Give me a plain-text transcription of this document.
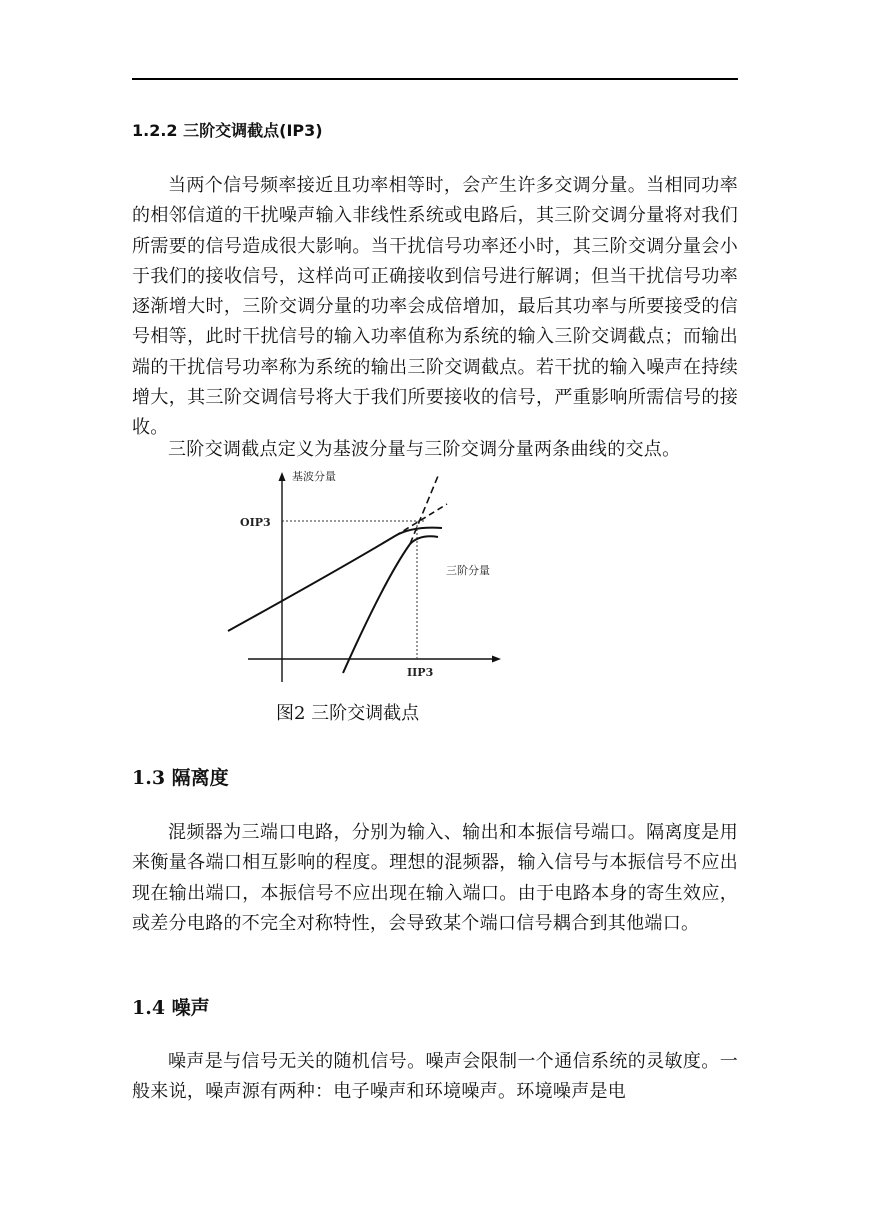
1.2.2 三阶交调截点(IP3)
当两个信号频率接近且功率相等时，会产生许多交调分量。当相同功率的相邻信道的干扰噪声输入非线性系统或电路后，其三阶交调分量将对我们所需要的信号造成很大影响。当干扰信号功率还小时，其三阶交调分量会小于我们的接收信号，这样尚可正确接收到信号进行解调；但当干扰信号功率逐渐增大时，三阶交调分量的功率会成倍增加，最后其功率与所要接受的信号相等，此时干扰信号的输入功率值称为系统的输入三阶交调截点；而输出端的干扰信号功率称为系统的输出三阶交调截点。若干扰的输入噪声在持续增大，其三阶交调信号将大于我们所要接收的信号，严重影响所需信号的接收。
三阶交调截点定义为基波分量与三阶交调分量两条曲线的交点。
基波分量
OIP3
IIP3
三阶分量
图2 三阶交调截点
1.3 隔离度
混频器为三端口电路，分别为输入、输出和本振信号端口。隔离度是用来衡量各端口相互影响的程度。理想的混频器，输入信号与本振信号不应出现在输出端口，本振信号不应出现在输入端口。由于电路本身的寄生效应，或差分电路的不完全对称特性，会导致某个端口信号耦合到其他端口。
1.4 噪声
噪声是与信号无关的随机信号。噪声会限制一个通信系统的灵敏度。一般来说，噪声源有两种：电子噪声和环境噪声。环境噪声是电
